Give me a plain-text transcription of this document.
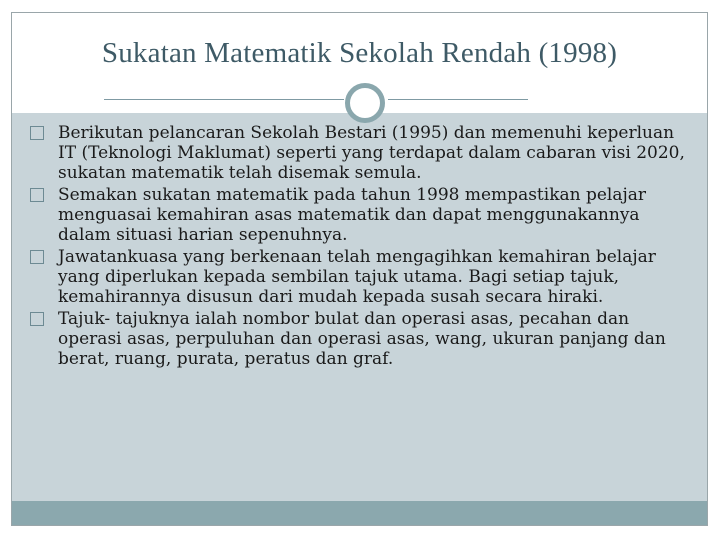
Sukatan Matematik Sekolah Rendah (1998)
Berikutan pelancaran Sekolah Bestari (1995) dan memenuhi keperluan IT (Teknologi Maklumat) seperti yang terdapat dalam cabaran visi 2020, sukatan matematik telah disemak semula.
Semakan sukatan matematik pada tahun 1998 mempastikan pelajar menguasai kemahiran asas matematik dan dapat menggunakannya dalam situasi harian sepenuhnya.
Jawatankuasa yang berkenaan telah mengagihkan kemahiran belajar yang diperlukan kepada sembilan tajuk utama. Bagi setiap tajuk, kemahirannya disusun dari mudah kepada susah secara hiraki.
Tajuk- tajuknya ialah nombor bulat dan operasi asas, pecahan dan operasi asas, perpuluhan dan operasi asas, wang, ukuran panjang dan berat, ruang, purata, peratus dan graf.
